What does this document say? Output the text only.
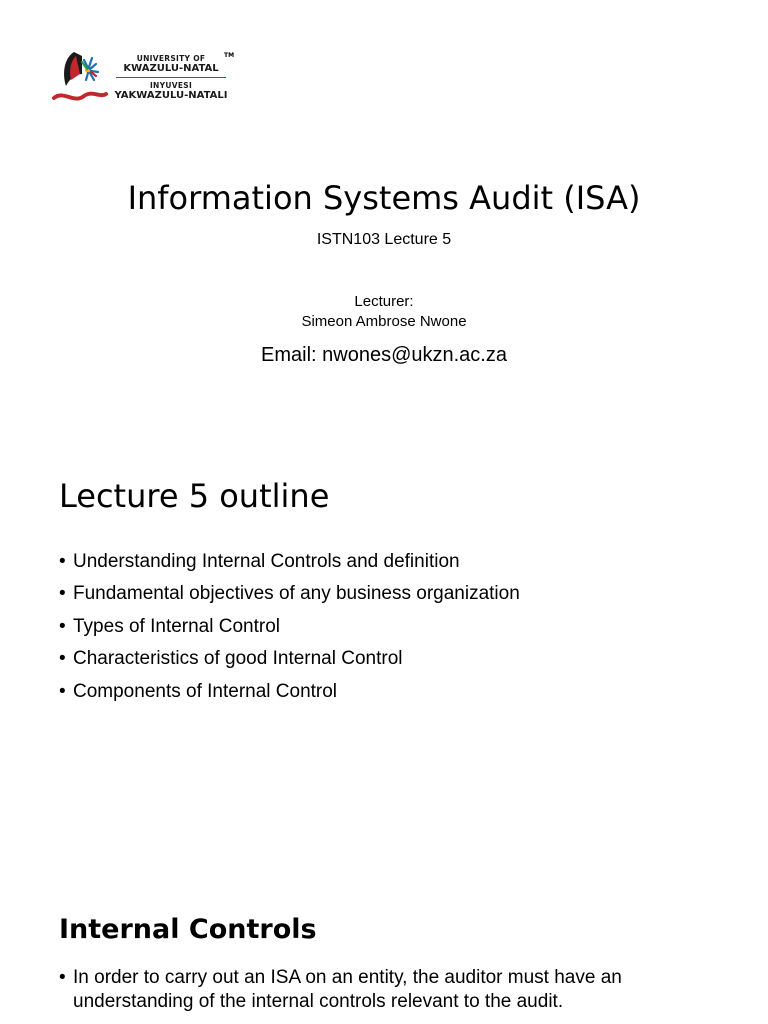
UNIVERSITY OF
KWAZULU-NATAL
INYUVESI
YAKWAZULU-NATALI
TM
Information Systems Audit (ISA)
ISTN103 Lecture 5
Lecturer:
Simeon Ambrose Nwone
Email: nwones@ukzn.ac.za
Lecture 5 outline
• Understanding Internal Controls and definition
• Fundamental objectives of any business organization
• Types of Internal Control
• Characteristics of good Internal Control
• Components of Internal Control
Internal Controls
• In order to carry out an ISA on an entity, the auditor must have an understanding of the internal controls relevant to the audit.
